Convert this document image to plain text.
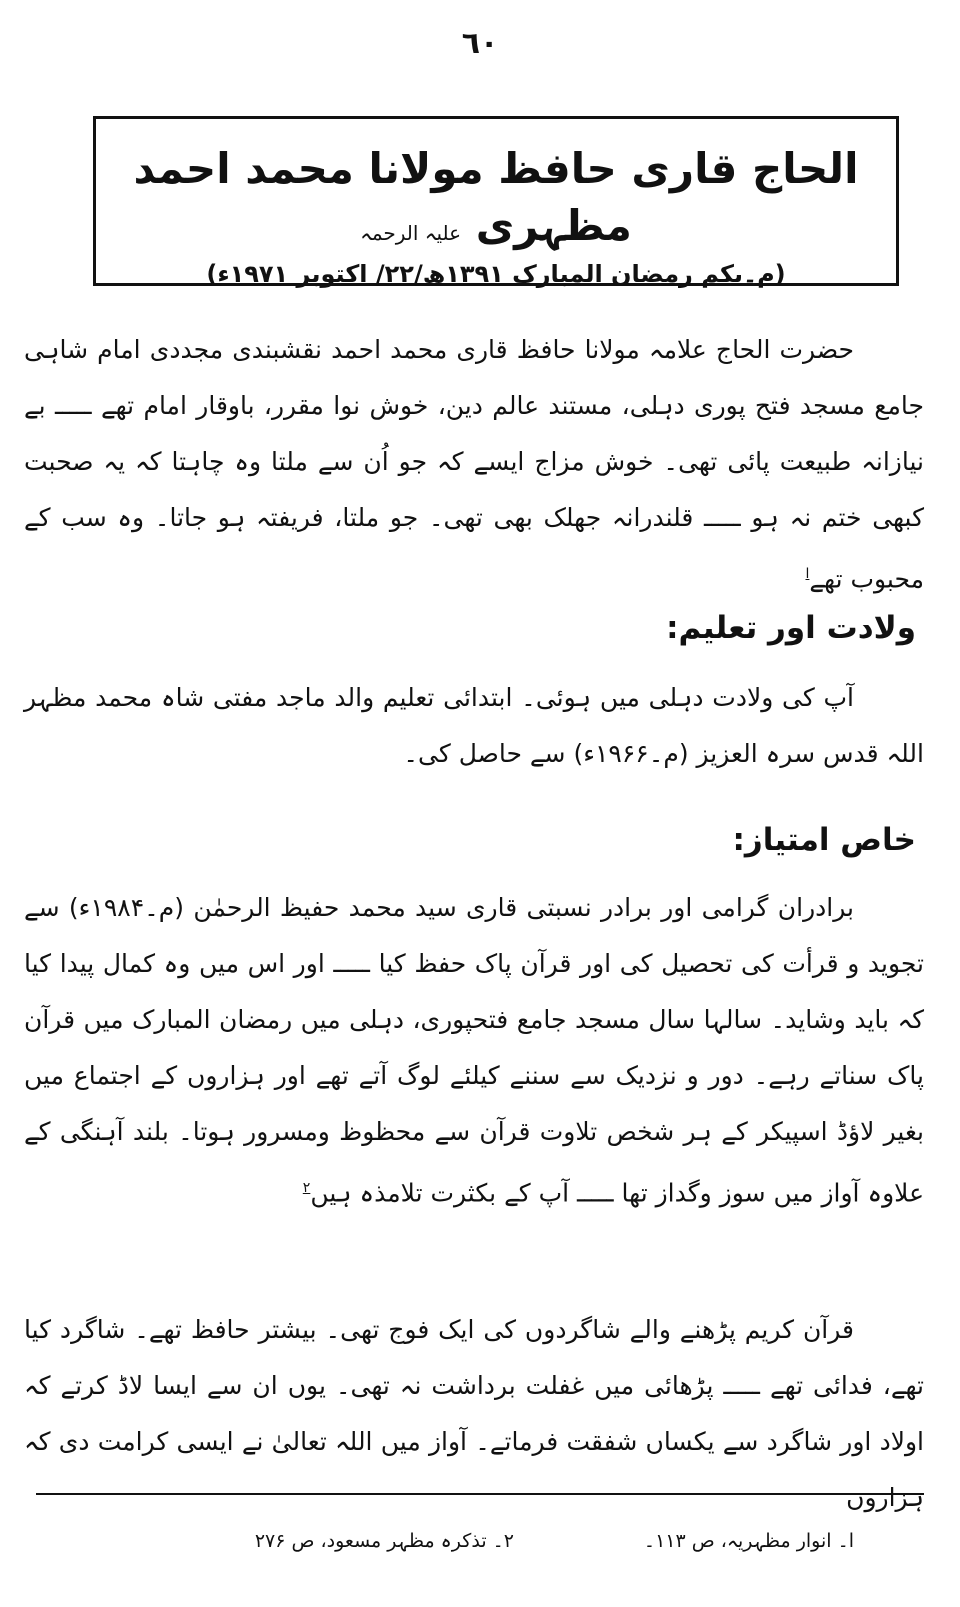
٦٠
الحاج قاری حافظ مولانا محمد احمد مظہری علیہ الرحمہ
(م۔یکم رمضان المبارک ۱۳۹۱ھ/۲۲/ اکتوبر ۱۹۷۱ء)

حضرت الحاج علامہ مولانا حافظ قاری محمد احمد نقشبندی مجددی امام شاہی جامع مسجد فتح پوری دہلی، مستند عالم دین، خوش نوا مقرر، باوقار امام تھے ـــــ بے نیازانہ طبیعت پائی تھی۔ خوش مزاج ایسے کہ جو اُن سے ملتا وہ چاہتا کہ یہ صحبت کبھی ختم نہ ہو ـــــ قلندرانہ جھلک بھی تھی۔ جو ملتا، فریفتہ ہو جاتا۔ وہ سب کے محبوب تھے$^ا$

ولادت اور تعلیم:

آپ کی ولادت دہلی میں ہوئی۔ ابتدائی تعلیم والد ماجد مفتی شاہ محمد مظہر اللہ قدس سرہ العزیز (م۔۱۹۶۶ء) سے حاصل کی۔

خاص امتیاز:

برادران گرامی اور برادر نسبتی قاری سید محمد حفیظ الرحمٰن (م۔۱۹۸۴ء) سے تجوید و قرأت کی تحصیل کی اور قرآن پاک حفظ کیا ـــــ اور اس میں وہ کمال پیدا کیا کہ باید وشاید۔ سالہا سال مسجد جامع فتحپوری، دہلی میں رمضان المبارک میں قرآن پاک سناتے رہے۔ دور و نزدیک سے سننے کیلئے لوگ آتے تھے اور ہزاروں کے اجتماع میں بغیر لاؤڈ اسپیکر کے ہر شخص تلاوت قرآن سے محظوظ ومسرور ہوتا۔ بلند آہنگی کے علاوہ آواز میں سوز وگداز تھا ـــــ آپ کے بکثرت تلامذہ ہیں$^۲$

قرآن کریم پڑھنے والے شاگردوں کی ایک فوج تھی۔ بیشتر حافظ تھے۔ شاگرد کیا تھے، فدائی تھے ـــــ پڑھائی میں غفلت برداشت نہ تھی۔ یوں ان سے ایسا لاڈ کرتے کہ اولاد اور شاگرد سے یکساں شفقت فرماتے۔ آواز میں اللہ تعالیٰ نے ایسی کرامت دی کہ ہزاروں

ا۔ انوار مظہریہ، ص ۱۱۳۔
۲۔ تذکرہ مظہر مسعود، ص ۲۷۶
